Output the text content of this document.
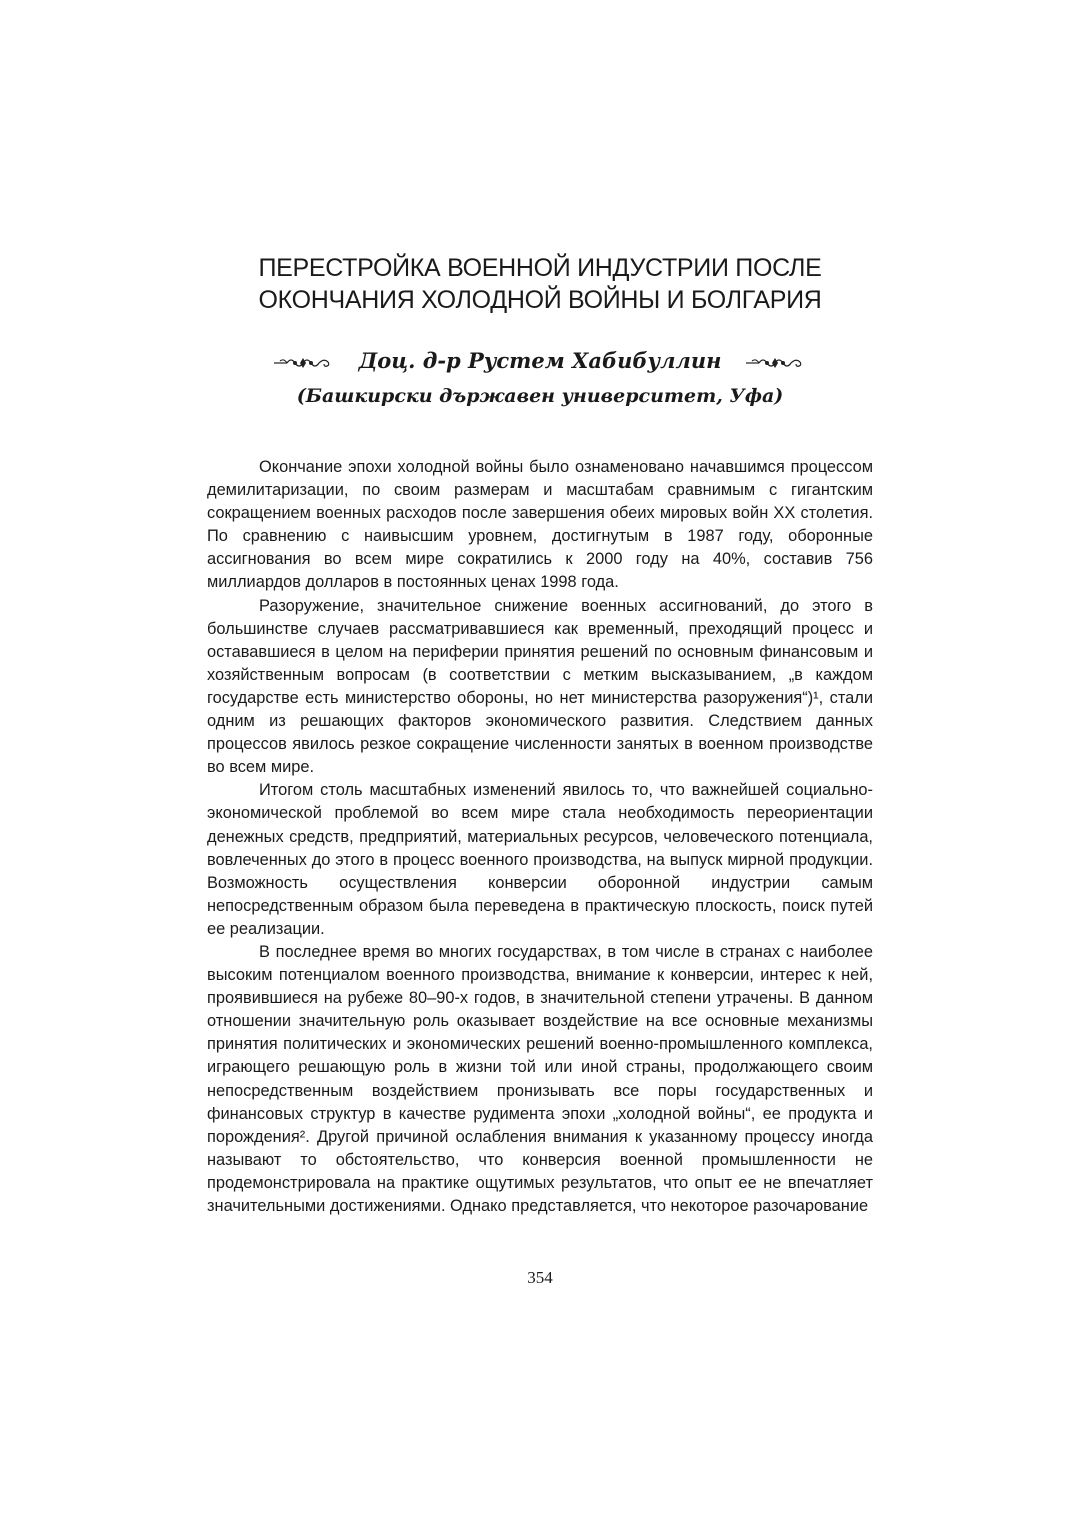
ПЕРЕСТРОЙКА ВОЕННОЙ ИНДУСТРИИ ПОСЛЕ
ОКОНЧАНИЯ ХОЛОДНОЙ ВОЙНЫ И БОЛГАРИЯ
Доц. д-р Рустем Хабибуллин
(Башкирски държавен университет, Уфа)

Окончание эпохи холодной войны было ознаменовано начавшимся процессом демилитаризации, по своим размерам и масштабам сравнимым с гигантским сокращением военных расходов после завершения обеих мировых войн XX столетия. По сравнению с наивысшим уровнем, достигнутым в 1987 году, оборонные ассигнования во всем мире сократились к 2000 году на 40%, составив 756 миллиардов долларов в постоянных ценах 1998 года.

Разоружение, значительное снижение военных ассигнований, до этого в большинстве случаев рассматривавшиеся как временный, преходящий процесс и остававшиеся в целом на периферии принятия решений по основным финансовым и хозяйственным вопросам (в соответствии с метким высказыванием, „в каждом государстве есть министерство обороны, но нет министерства разоружения“)¹, стали одним из решающих факторов экономического развития. Следствием данных процессов явилось резкое сокращение численности занятых в военном производстве во всем мире.

Итогом столь масштабных изменений явилось то, что важнейшей социально-экономической проблемой во всем мире стала необходимость переориентации денежных средств, предприятий, материальных ресурсов, человеческого потенциала, вовлеченных до этого в процесс военного производства, на выпуск мирной продукции. Возможность осуществления конверсии оборонной индустрии самым непосредственным образом была переведена в практическую плоскость, поиск путей ее реализации.

В последнее время во многих государствах, в том числе в странах с наиболее высоким потенциалом военного производства, внимание к конверсии, интерес к ней, проявившиеся на рубеже 80–90-х годов, в значительной степени утрачены. В данном отношении значительную роль оказывает воздействие на все основные механизмы принятия политических и экономических решений военно-промышленного комплекса, играющего решающую роль в жизни той или иной страны, продолжающего своим непосредственным воздействием пронизывать все поры государственных и финансовых структур в качестве рудимента эпохи „холодной войны“, ее продукта и порождения². Другой причиной ослабления внимания к указанному процессу иногда называют то обстоятельство, что конверсия военной промышленности не продемонстрировала на практике ощутимых результатов, что опыт ее не впечатляет значительными достижениями. Однако представляется, что некоторое разочарование

354
